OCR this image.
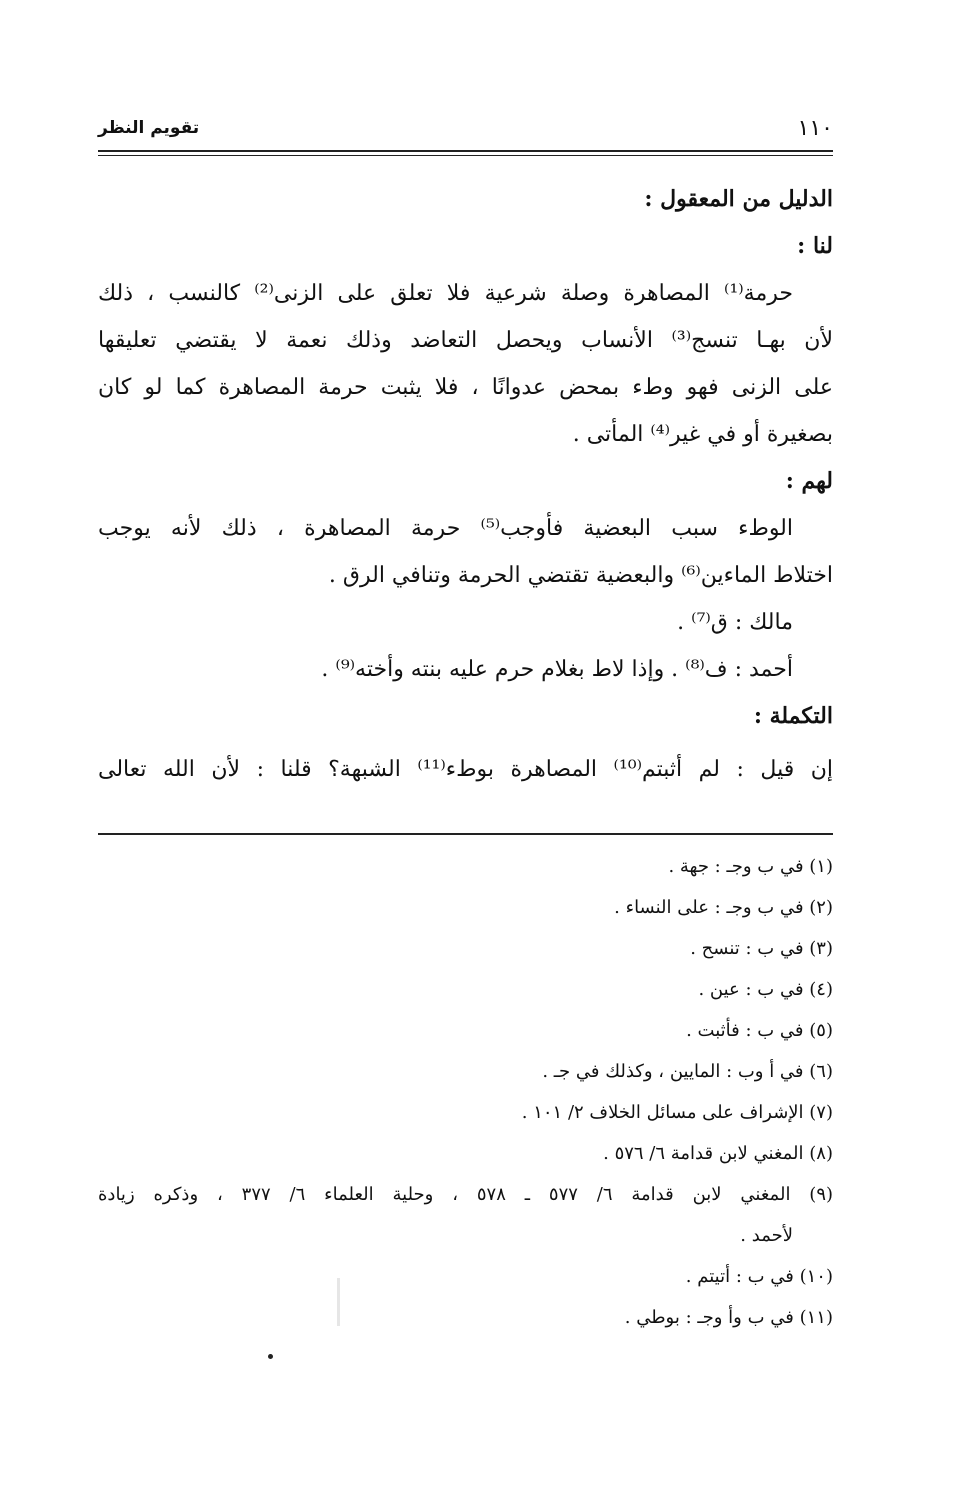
١١٠
تقويم النظر
الدليل من المعقول :
لنا :
حرمة⁽¹⁾ المصاهرة وصلة شرعية فلا تعلق على الزنى⁽²⁾ كالنسب ، ذلك
لأن بهـا تنسج⁽³⁾ الأنساب ويحصل التعاضد وذلك نعمة لا يقتضي تعليقها
على الزنى فهو وطء بمحض عدوانًا ، فلا يثبت حرمة المصاهرة كما لو كان
بصغيرة أو في غير⁽⁴⁾ المأتى .
لهم :
الوطء سبب البعضية فأوجب⁽⁵⁾ حرمة المصاهرة ، ذلك لأنه يوجب
اختلاط الماءين⁽⁶⁾ والبعضية تقتضي الحرمة وتنافي الرق .
مالك : ق⁽⁷⁾ .
أحمد : ف⁽⁸⁾ . وإذا لاط بغلام حرم عليه بنته وأخته⁽⁹⁾ .
التكملة :
إن قيل : لم أثبتم⁽¹⁰⁾ المصاهرة بوطء⁽¹¹⁾ الشبهة؟ قلنا : لأن الله تعالى
(١) في ب وجـ : جهة .
(٢) في ب وجـ : على النساء .
(٣) في ب : تنسح .
(٤) في ب : عين .
(٥) في ب : فأثبت .
(٦) في أ وب : المايين ، وكذلك في جـ .
(٧) الإشراف على مسائل الخلاف ٢/ ١٠١ .
(٨) المغني لابن قدامة ٦/ ٥٧٦ .
(٩) المغني لابن قدامة ٦/ ٥٧٧ ـ ٥٧٨ ، وحلية العلماء ٦/ ٣٧٧ ، وذكره زيادة
لأحمد .
(١٠) في ب : أتيتم .
(١١) في ب وأ وجـ : بوطي .
